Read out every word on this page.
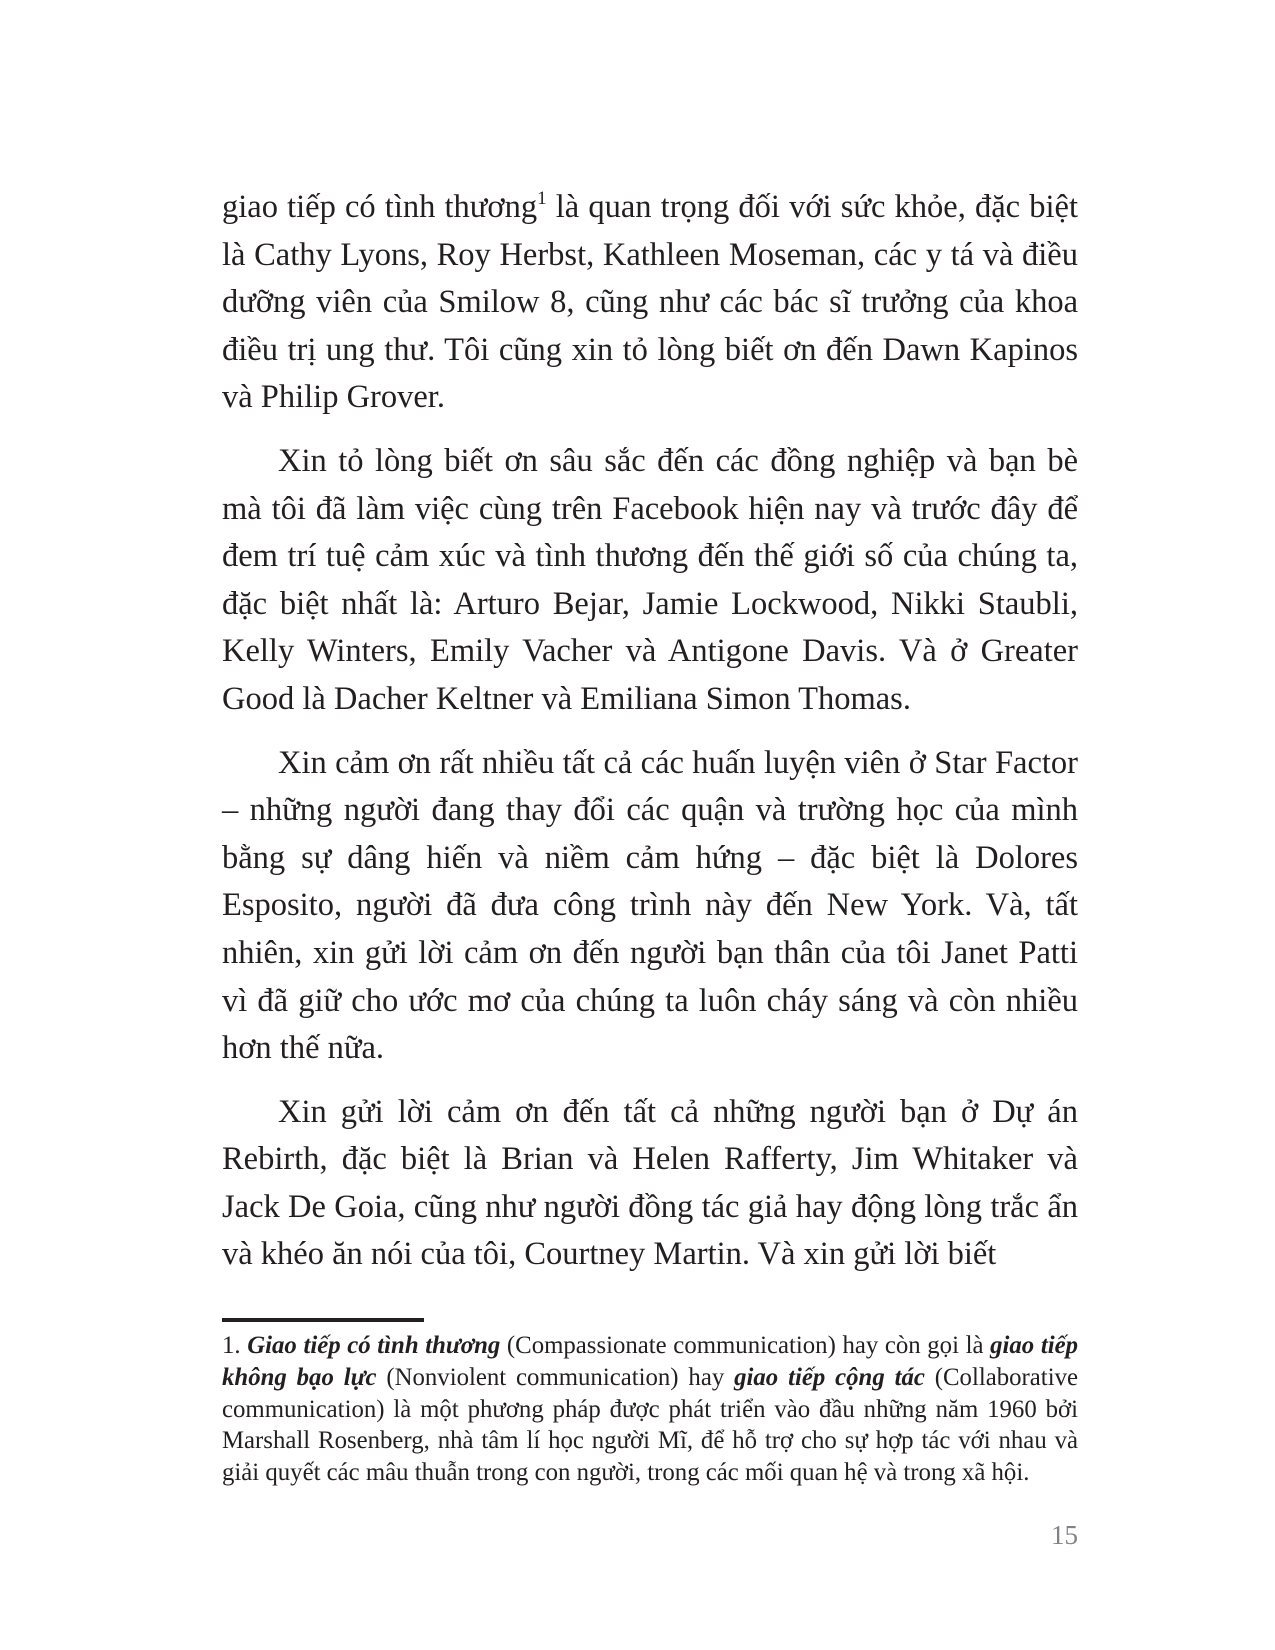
giao tiếp có tình thương$^1$ là quan trọng đối với sức khỏe, đặc biệt là Cathy Lyons, Roy Herbst, Kathleen Moseman, các y tá và điều dưỡng viên của Smilow 8, cũng như các bác sĩ trưởng của khoa điều trị ung thư. Tôi cũng xin tỏ lòng biết ơn đến Dawn Kapinos và Philip Grover.

Xin tỏ lòng biết ơn sâu sắc đến các đồng nghiệp và bạn bè mà tôi đã làm việc cùng trên Facebook hiện nay và trước đây để đem trí tuệ cảm xúc và tình thương đến thế giới số của chúng ta, đặc biệt nhất là: Arturo Bejar, Jamie Lockwood, Nikki Staubli, Kelly Winters, Emily Vacher và Antigone Davis. Và ở Greater Good là Dacher Keltner và Emiliana Simon Thomas.

Xin cảm ơn rất nhiều tất cả các huấn luyện viên ở Star Factor – những người đang thay đổi các quận và trường học của mình bằng sự dâng hiến và niềm cảm hứng – đặc biệt là Dolores Esposito, người đã đưa công trình này đến New York. Và, tất nhiên, xin gửi lời cảm ơn đến người bạn thân của tôi Janet Patti vì đã giữ cho ước mơ của chúng ta luôn cháy sáng và còn nhiều hơn thế nữa.

Xin gửi lời cảm ơn đến tất cả những người bạn ở Dự án Rebirth, đặc biệt là Brian và Helen Rafferty, Jim Whitaker và Jack De Goia, cũng như người đồng tác giả hay động lòng trắc ẩn và khéo ăn nói của tôi, Courtney Martin. Và xin gửi lời biết

1. Giao tiếp có tình thương (Compassionate communication) hay còn gọi là giao tiếp không bạo lực (Nonviolent communication) hay giao tiếp cộng tác (Collaborative communication) là một phương pháp được phát triển vào đầu những năm 1960 bởi Marshall Rosenberg, nhà tâm lí học người Mĩ, để hỗ trợ cho sự hợp tác với nhau và giải quyết các mâu thuẫn trong con người, trong các mối quan hệ và trong xã hội.

15
